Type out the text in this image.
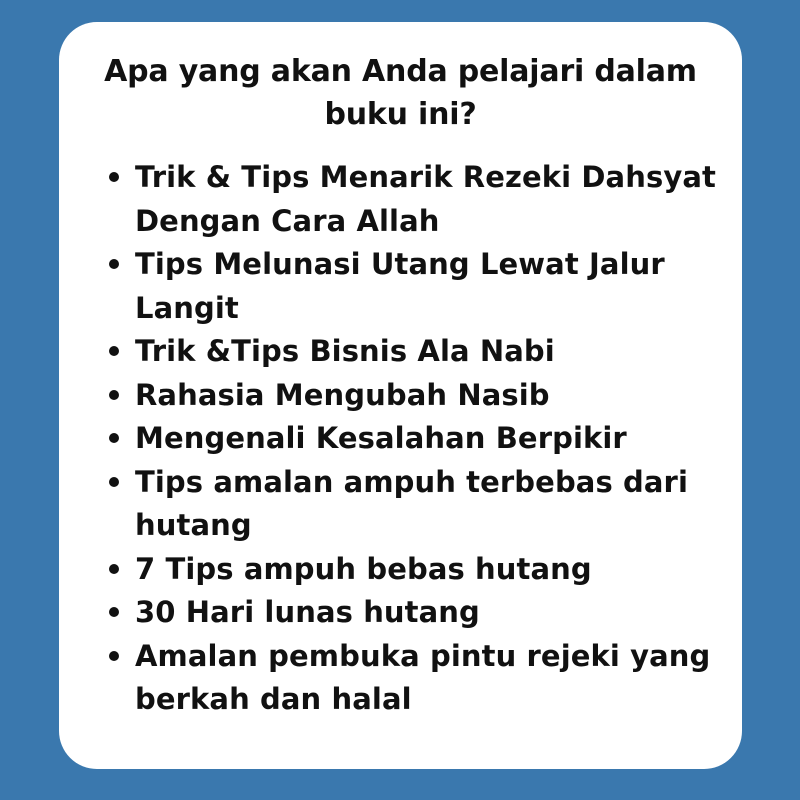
Apa yang akan Anda pelajari dalam buku ini?
Trik & Tips Menarik Rezeki Dahsyat Dengan Cara Allah
Tips Melunasi Utang Lewat Jalur Langit
Trik &Tips Bisnis Ala Nabi
Rahasia Mengubah Nasib
Mengenali Kesalahan Berpikir
Tips amalan ampuh terbebas dari hutang
7 Tips ampuh bebas hutang
30 Hari lunas hutang
Amalan pembuka pintu rejeki yang berkah dan halal
